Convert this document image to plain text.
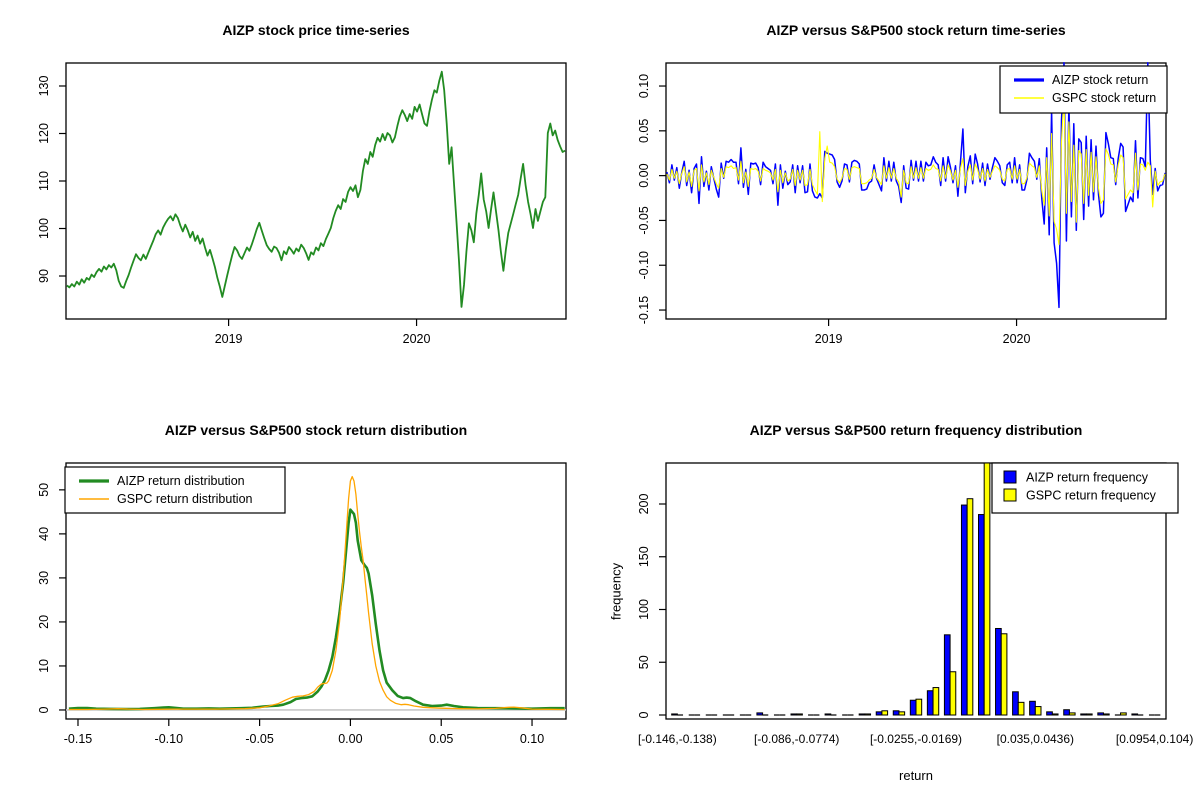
AIZP stock price time-series
90
100
110
120
130
2019	2020
AIZP versus S&P500 stock return time-series
-0.15
-0.10
-0.05
0.00
0.05
0.10
2019	2020
AIZP stock return
GSPC stock return
AIZP versus S&P500 stock return distribution
0
10
20
30
40
50
-0.15	-0.10	-0.05	0.00	0.05	0.10
AIZP return distribution
GSPC return distribution
AIZP versus S&P500 return frequency distribution
frequency
return
0
50
100
150
200
[-0.146,-0.138)	[-0.086,-0.0774)	[-0.0255,-0.0169)	[0.035,0.0436)	[0.0954,0.104)
AIZP return frequency
GSPC return frequency
